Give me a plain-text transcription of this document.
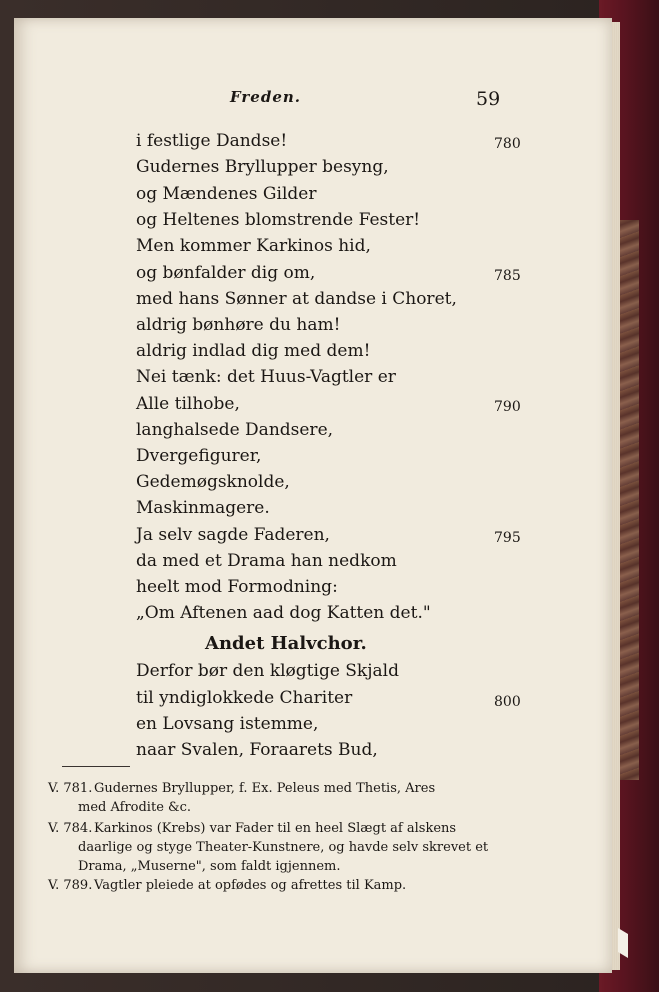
Freden.	59
i festlige Dandse!
Gudernes Bryllupper besyng,
og Mændenes Gilder
og Heltenes blomstrende Fester!
Men kommer Karkinos hid,
og bønfalder dig om,
med hans Sønner at dandse i Choret,
aldrig bønhøre du ham!
aldrig indlad dig med dem!
Nei tænk: det Huus-Vagtler er
Alle tilhobe,
langhalsede Dandsere,
Dvergefigurer,
Gedemøgsknolde,
Maskinmagere.
Ja selv sagde Faderen,
da med et Drama han nedkom
heelt mod Formodning:
„Om Aftenen aad dog Katten det."
Andet Halvchor.
Derfor bør den kløgtige Skjald
til yndiglokkede Chariter
en Lovsang istemme,
naar Svalen, Foraarets Bud,
780
785
790
795
800
V. 781. Gudernes Bryllupper, f. Ex. Peleus med Thetis, Ares
med Afrodite &c.
V. 784. Karkinos (Krebs) var Fader til en heel Slægt af alskens
daarlige og styge Theater-Kunstnere, og havde selv skrevet et
Drama, „Muserne", som faldt igjennem.
V. 789. Vagtler pleiede at opfødes og afrettes til Kamp.
